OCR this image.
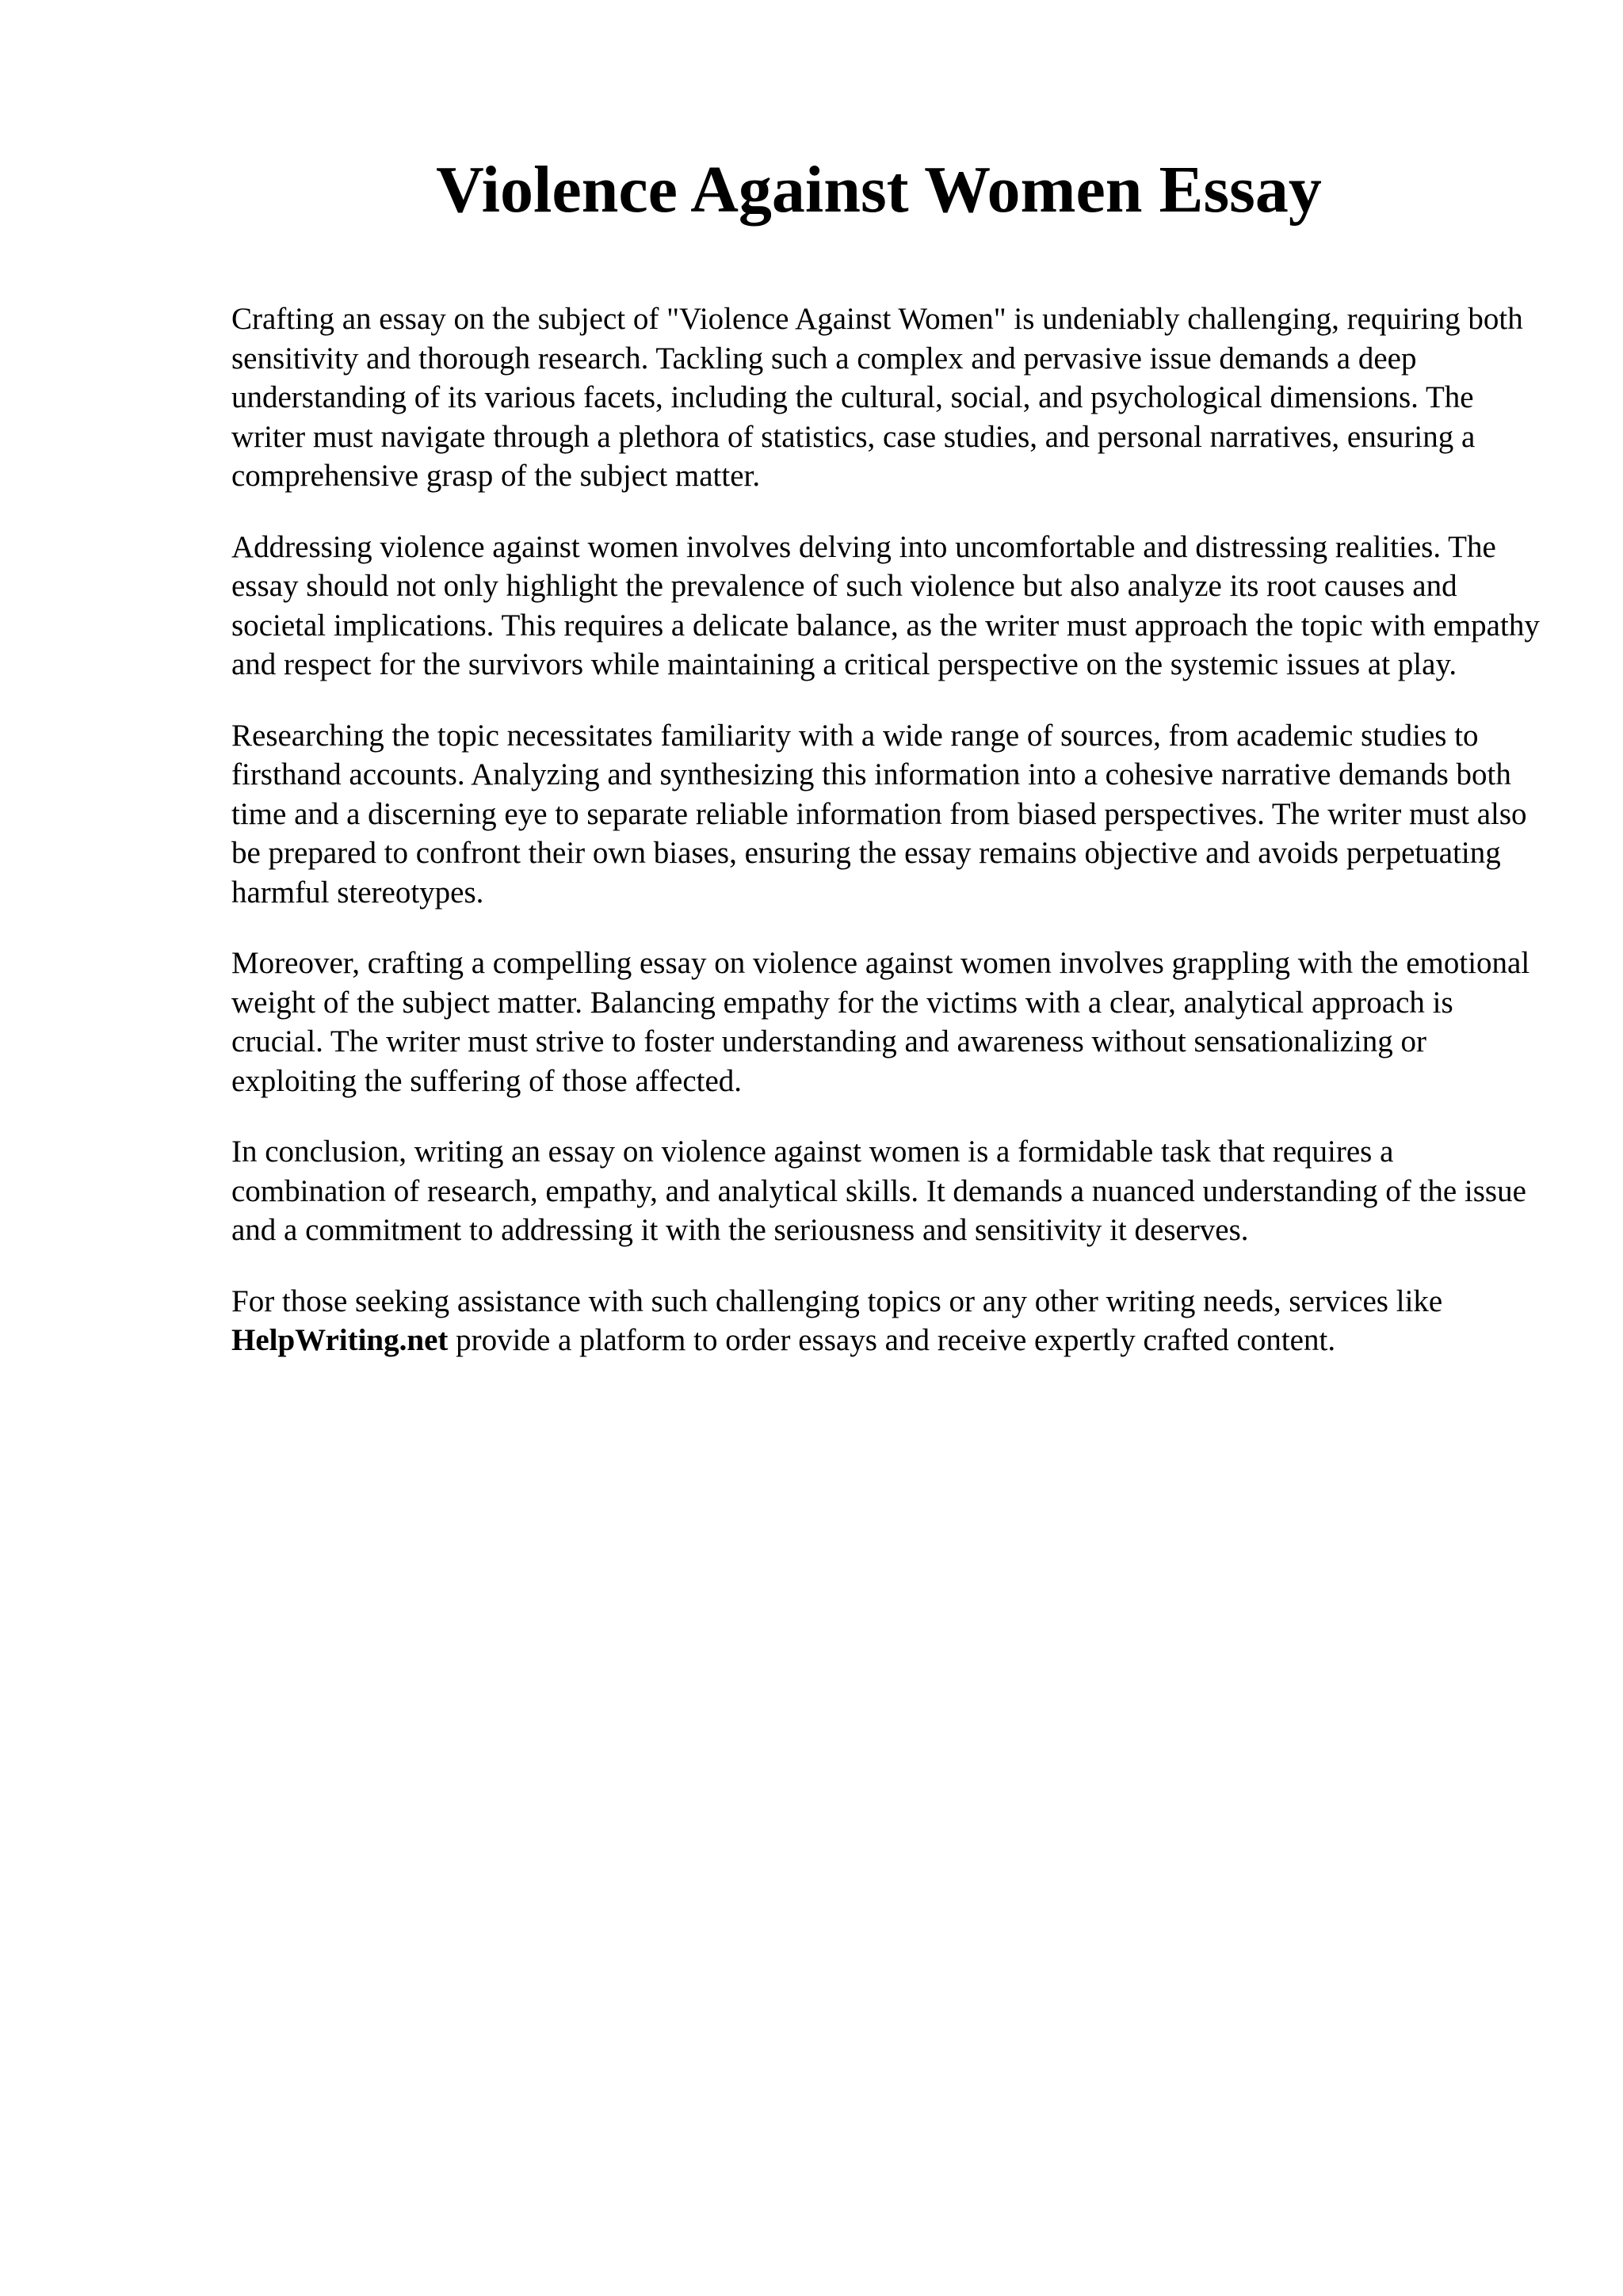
Violence Against Women Essay

Crafting an essay on the subject of "Violence Against Women" is undeniably challenging, requiring both sensitivity and thorough research. Tackling such a complex and pervasive issue demands a deep understanding of its various facets, including the cultural, social, and psychological dimensions. The writer must navigate through a plethora of statistics, case studies, and personal narratives, ensuring a comprehensive grasp of the subject matter.

Addressing violence against women involves delving into uncomfortable and distressing realities. The essay should not only highlight the prevalence of such violence but also analyze its root causes and societal implications. This requires a delicate balance, as the writer must approach the topic with empathy and respect for the survivors while maintaining a critical perspective on the systemic issues at play.

Researching the topic necessitates familiarity with a wide range of sources, from academic studies to firsthand accounts. Analyzing and synthesizing this information into a cohesive narrative demands both time and a discerning eye to separate reliable information from biased perspectives. The writer must also be prepared to confront their own biases, ensuring the essay remains objective and avoids perpetuating harmful stereotypes.

Moreover, crafting a compelling essay on violence against women involves grappling with the emotional weight of the subject matter. Balancing empathy for the victims with a clear, analytical approach is crucial. The writer must strive to foster understanding and awareness without sensationalizing or exploiting the suffering of those affected.

In conclusion, writing an essay on violence against women is a formidable task that requires a combination of research, empathy, and analytical skills. It demands a nuanced understanding of the issue and a commitment to addressing it with the seriousness and sensitivity it deserves.

For those seeking assistance with such challenging topics or any other writing needs, services like HelpWriting.net provide a platform to order essays and receive expertly crafted content.
